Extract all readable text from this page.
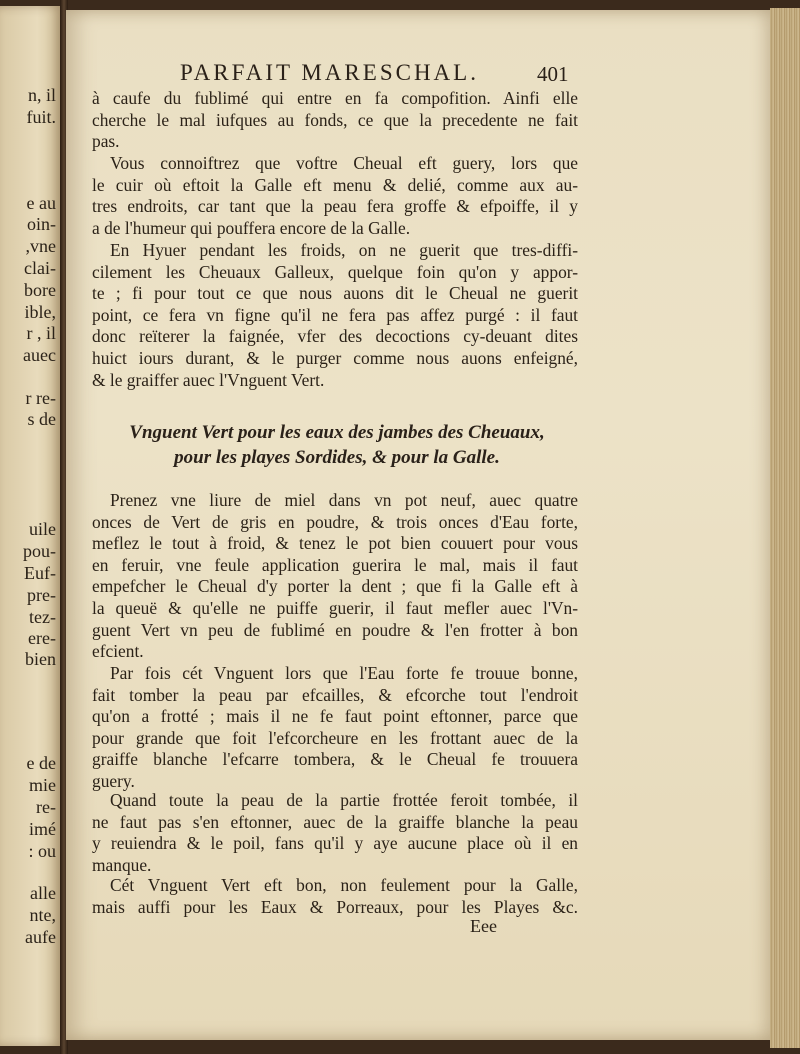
n, il
fuit.
e au
oin-
,vne
clai-
bore
ible,
r , il
auec
r re-
s de
uile
pou-
Euf-
pre-
tez-
ere-
bien
e de
mie
re-
imé
: ou
alle
nte,
aufe
PARFAIT MARESCHAL.	401
à caufe du fublimé qui entre en fa compofition. Ainfi elle
cherche le mal iufques au fonds, ce que la precedente ne fait
pas.
Vous connoiftrez que voftre Cheual eft guery, lors que
le cuir où eftoit la Galle eft menu & delié, comme aux au-
tres endroits, car tant que la peau fera groffe & efpoiffe, il y
a de l'humeur qui pouffera encore de la Galle.
En Hyuer pendant les froids, on ne guerit que tres-diffi-
cilement les Cheuaux Galleux, quelque foin qu'on y appor-
te ; fi pour tout ce que nous auons dit le Cheual ne guerit
point, ce fera vn figne qu'il ne fera pas affez purgé : il faut
donc reïterer la faignée, vfer des decoctions cy-deuant dites
huict iours durant, & le purger comme nous auons enfeigné,
& le graiffer auec l'Vnguent Vert.
Vnguent Vert pour les eaux des jambes des Cheuaux,
pour les playes Sordides, & pour la Galle.
Prenez vne liure de miel dans vn pot neuf, auec quatre
onces de Vert de gris en poudre, & trois onces d'Eau forte,
meflez le tout à froid, & tenez le pot bien couuert pour vous
en feruir, vne feule application guerira le mal, mais il faut
empefcher le Cheual d'y porter la dent ; que fi la Galle eft à
la queuë & qu'elle ne puiffe guerir, il faut mefler auec l'Vn-
guent Vert vn peu de fublimé en poudre & l'en frotter à bon
efcient.
Par fois cét Vnguent lors que l'Eau forte fe trouue bonne,
fait tomber la peau par efcailles, & efcorche tout l'endroit
qu'on a frotté ; mais il ne fe faut point eftonner, parce que
pour grande que foit l'efcorcheure en les frottant auec de la
graiffe blanche l'efcarre tombera, & le Cheual fe trouuera
guery.
Quand toute la peau de la partie frottée feroit tombée, il
ne faut pas s'en eftonner, auec de la graiffe blanche la peau
y reuiendra & le poil, fans qu'il y aye aucune place où il en
manque.
Cét Vnguent Vert eft bon, non feulement pour la Galle,
mais auffi pour les Eaux & Porreaux, pour les Playes &c.
Eee
